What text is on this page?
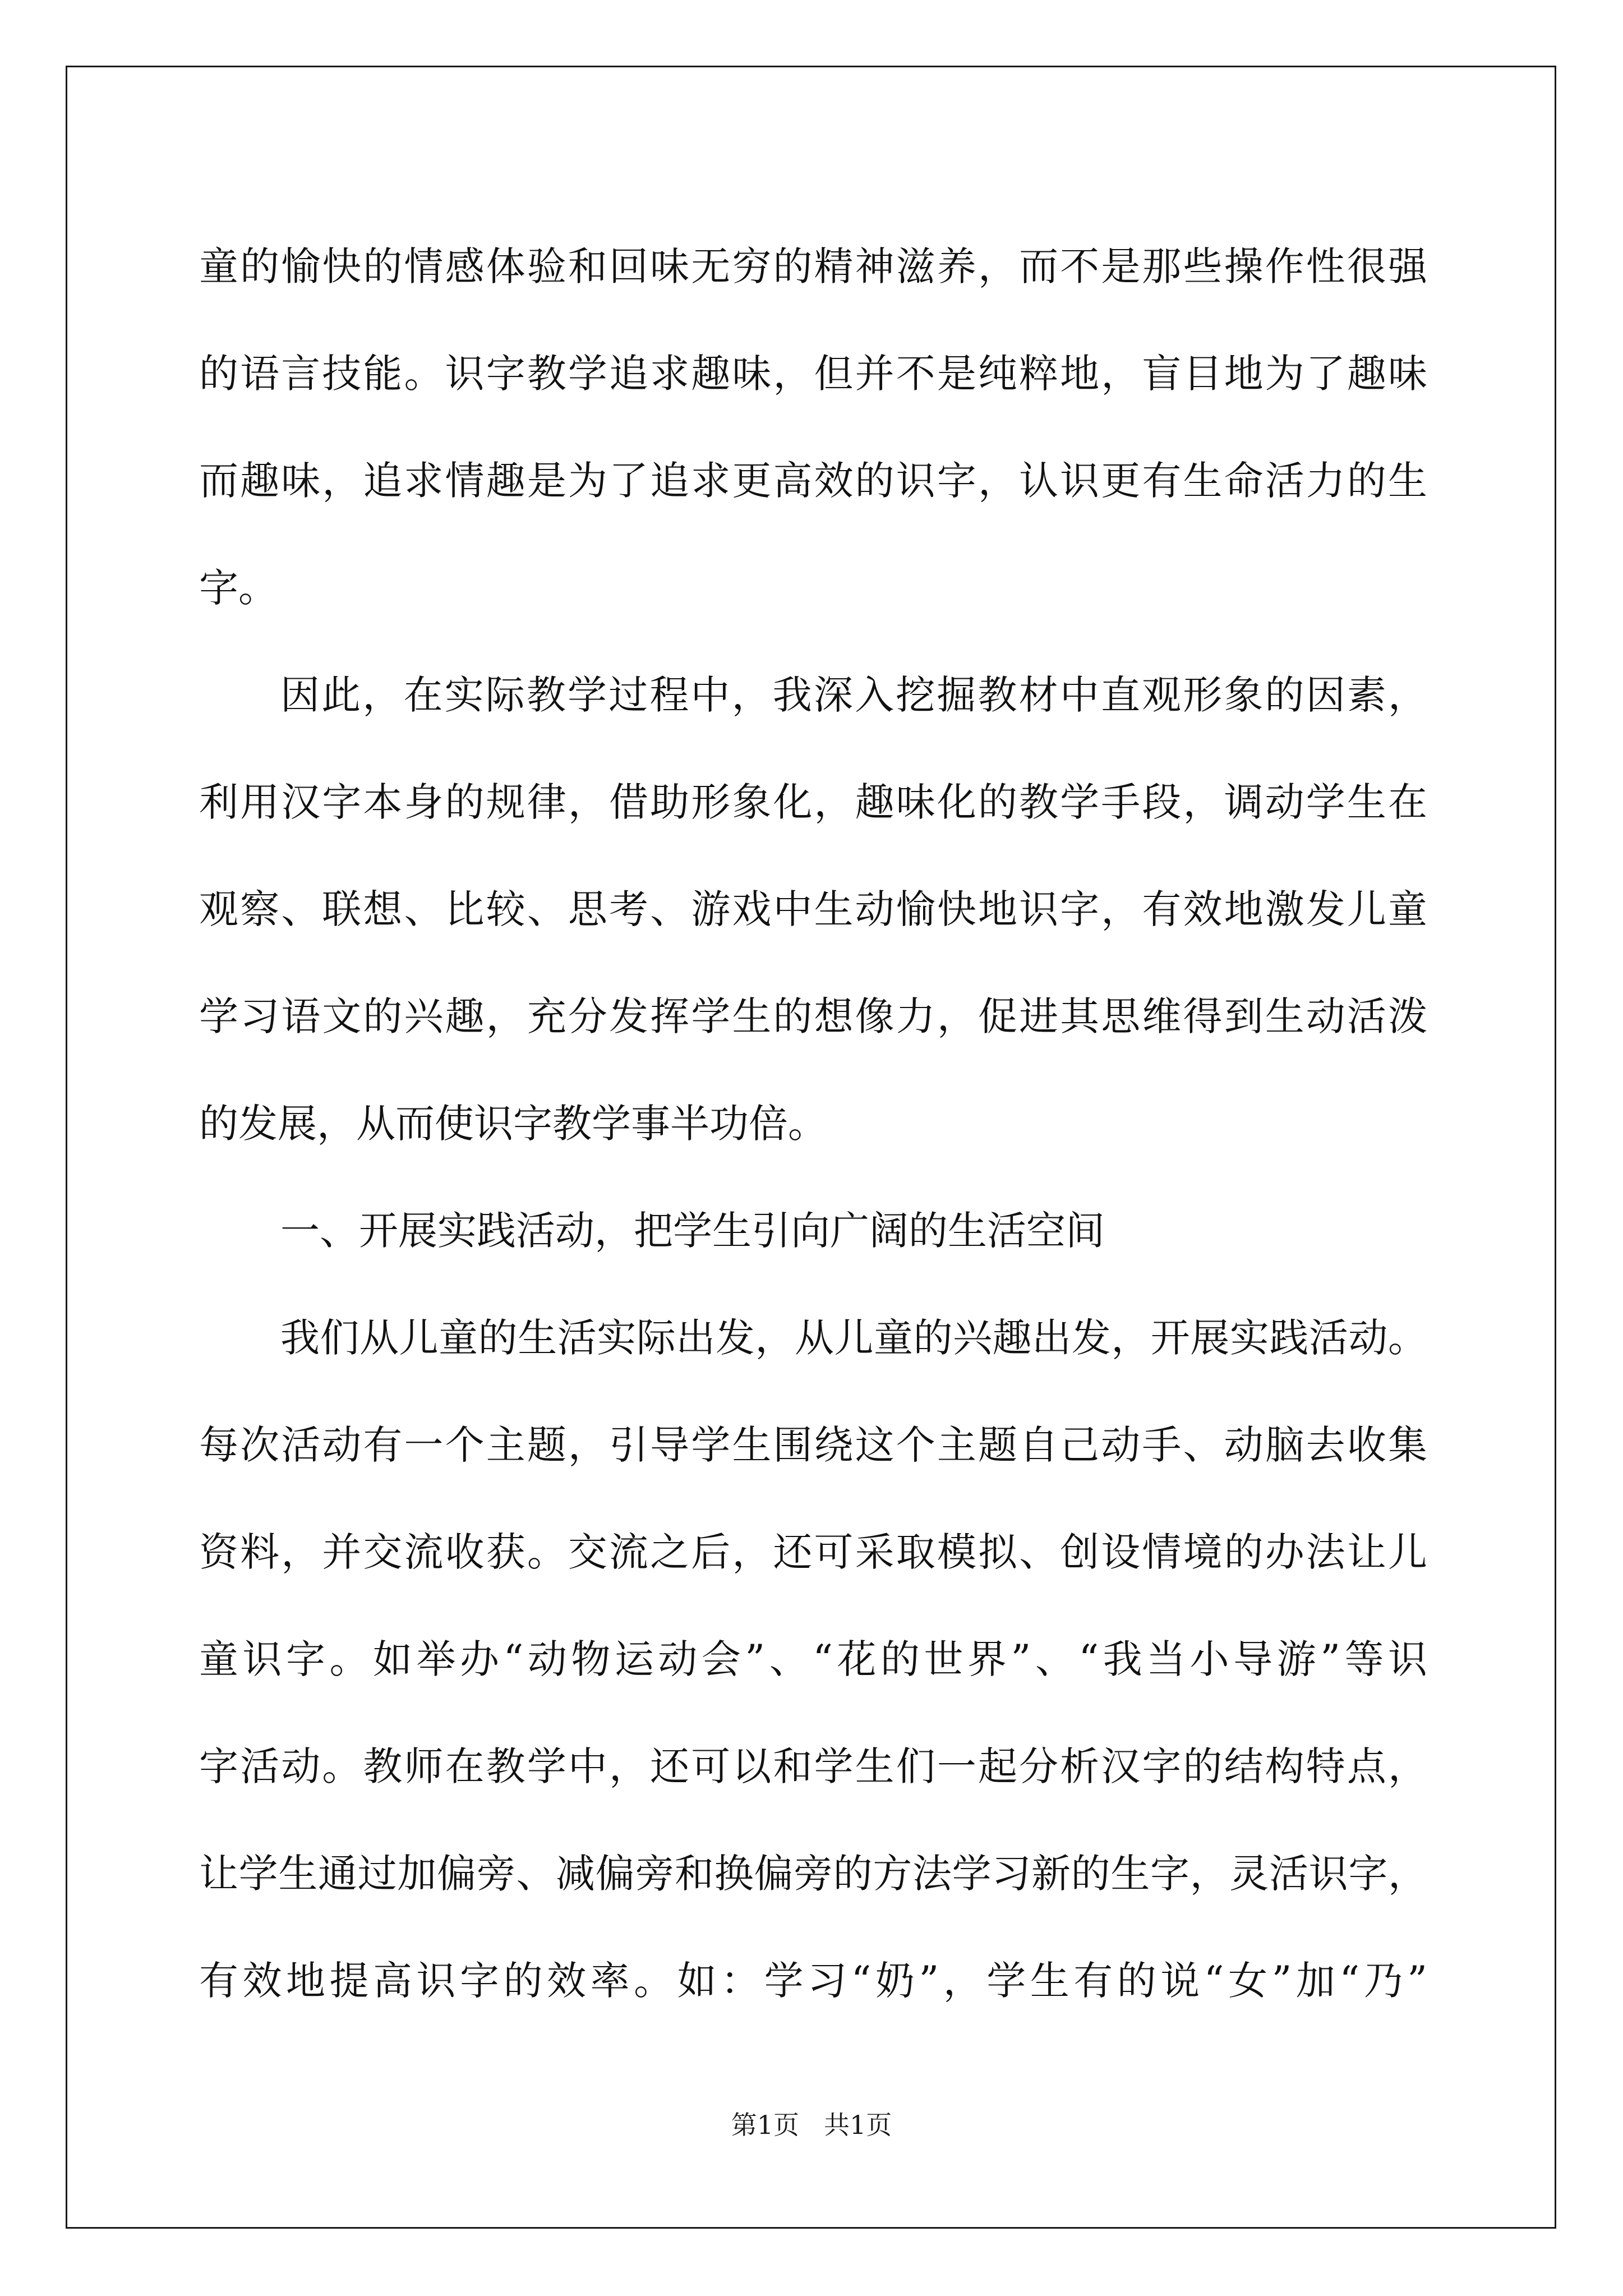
童的愉快的情感体验和回味无穷的精神滋养，而不是那些操作性很强
的语言技能。识字教学追求趣味，但并不是纯粹地，盲目地为了趣味
而趣味，追求情趣是为了追求更高效的识字，认识更有生命活力的生
字。
因此，在实际教学过程中，我深入挖掘教材中直观形象的因素，
利用汉字本身的规律，借助形象化，趣味化的教学手段，调动学生在
观察、联想、比较、思考、游戏中生动愉快地识字，有效地激发儿童
学习语文的兴趣，充分发挥学生的想像力，促进其思维得到生动活泼
的发展，从而使识字教学事半功倍。
一、开展实践活动，把学生引向广阔的生活空间
我们从儿童的生活实际出发，从儿童的兴趣出发，开展实践活动。
每次活动有一个主题，引导学生围绕这个主题自己动手、动脑去收集
资料，并交流收获。交流之后，还可采取模拟、创设情境的办法让儿
童识字。如举办“动物运动会”、“花的世界”、“我当小导游”等识
字活动。教师在教学中，还可以和学生们一起分析汉字的结构特点，
让学生通过加偏旁、减偏旁和换偏旁的方法学习新的生字，灵活识字，
有效地提高识字的效率。如：学习“奶”，学生有的说“女”加“乃”
第1页 共1页
